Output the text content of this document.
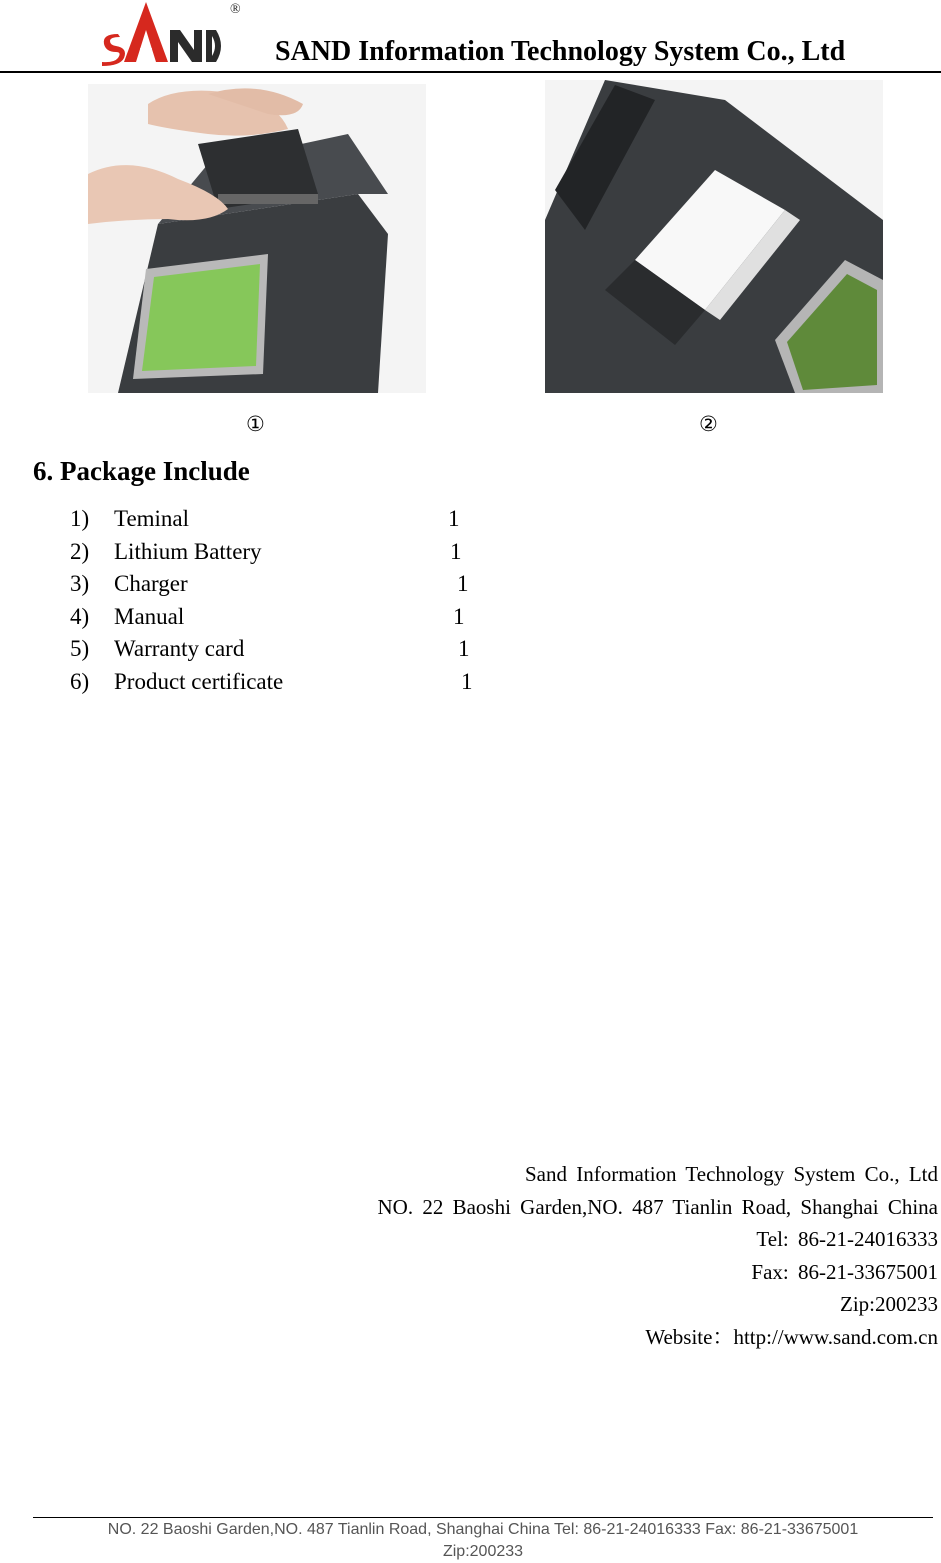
®
SAND Information Technology System Co., Ltd
①	②
6. Package Include
1) Teminal	1
2) Lithium Battery	1
3) Charger	1
4) Manual	1
5) Warranty card	1
6) Product certificate	1
Sand Information Technology System Co., Ltd
NO. 22 Baoshi Garden,NO. 487 Tianlin Road, Shanghai China
Tel: 86-21-24016333
Fax: 86-21-33675001
Zip:200233
Website：http://www.sand.com.cn
NO. 22 Baoshi Garden,NO. 487 Tianlin Road, Shanghai China Tel: 86-21-24016333 Fax: 86-21-33675001
Zip:200233
